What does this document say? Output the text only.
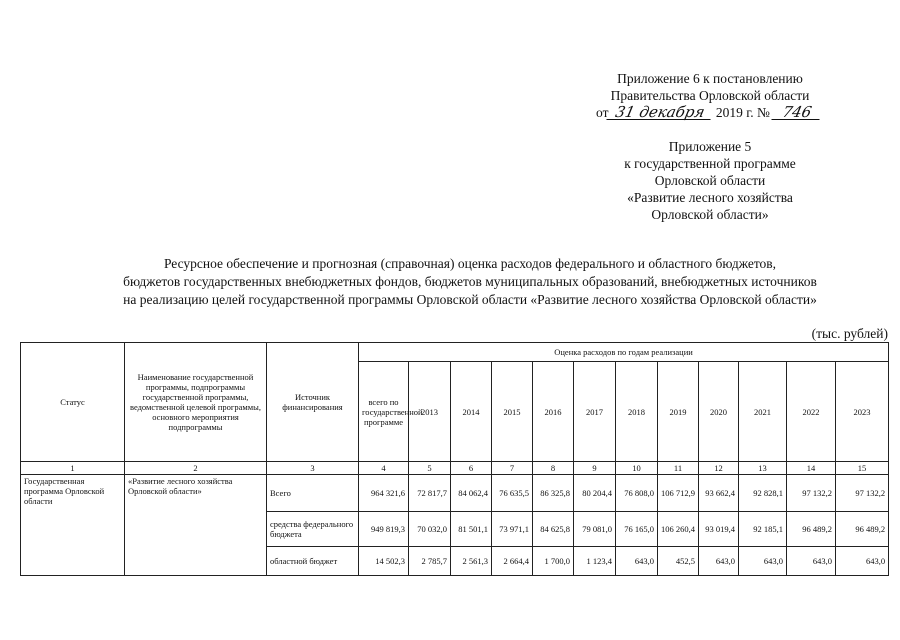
Приложение 6 к постановлению
Правительства Орловской области
от 31 декабря 2019 г. № 746
Приложение 5
к государственной программе
Орловской области
«Развитие лесного хозяйства
Орловской области»
Ресурсное обеспечение и прогнозная (справочная) оценка расходов федерального и областного бюджетов,
бюджетов государственных внебюджетных фондов, бюджетов муниципальных образований, внебюджетных источников
на реализацию целей государственной программы Орловской области «Развитие лесного хозяйства Орловской области»
(тыс. рублей)
Статус	Наименование государственной программы, подпрограммы государственной программы, ведомственной целевой программы, основного мероприятия подпрограммы	Источник финансирования	Оценка расходов по годам реализации											
			всего по государственной программе	2013	2014	2015	2016	2017	2018	2019	2020	2021	2022	2023
1	2	3	4	5	6	7	8	9	10	11	12	13	14	15
Государственная программа Орловской области	«Развитие лесного хозяйства Орловской области»	Всего	964 321,6	72 817,7	84 062,4	76 635,5	86 325,8	80 204,4	76 808,0	106 712,9	93 662,4	92 828,1	97 132,2	97 132,2
		средства федерального бюджета	949 819,3	70 032,0	81 501,1	73 971,1	84 625,8	79 081,0	76 165,0	106 260,4	93 019,4	92 185,1	96 489,2	96 489,2
		областной бюджет	14 502,3	2 785,7	2 561,3	2 664,4	1 700,0	1 123,4	643,0	452,5	643,0	643,0	643,0	643,0
